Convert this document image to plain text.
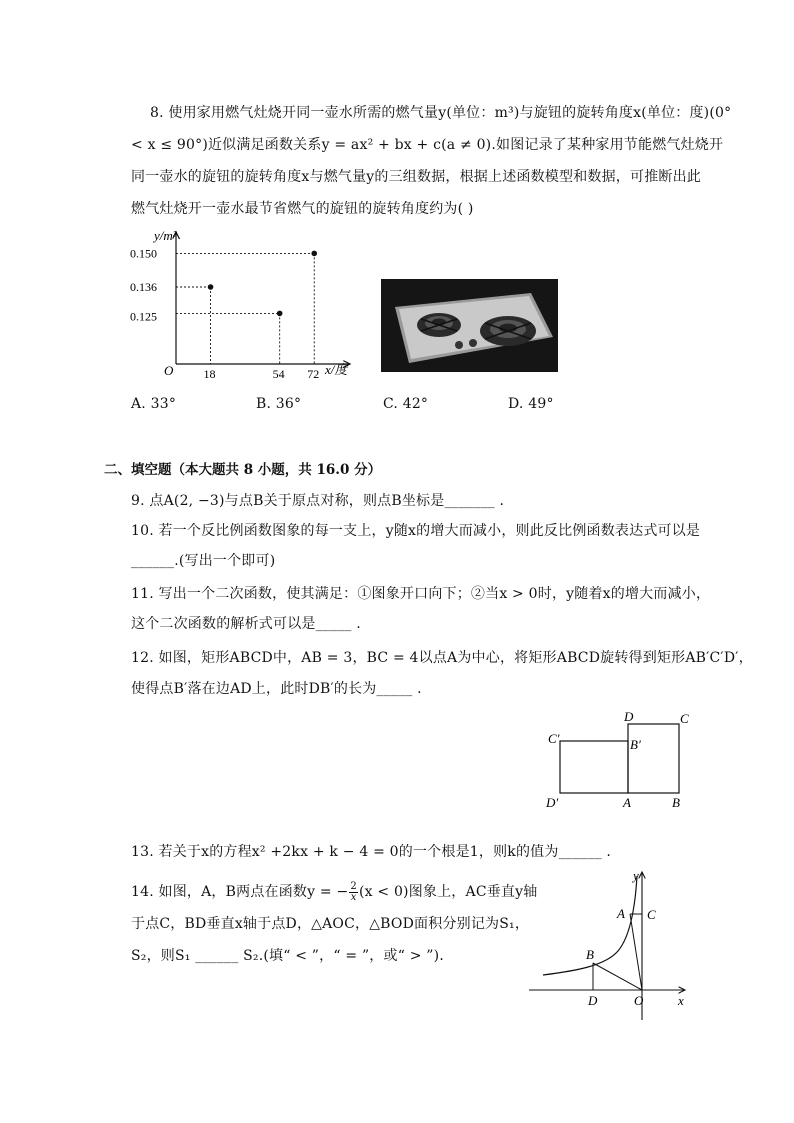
8. 使用家用燃气灶烧开同一壶水所需的燃气量y(单位：m³)与旋钮的旋转角度x(单位：度)(0°
< x ≤ 90°)近似满足函数关系y = ax² + bx + c(a ≠ 0).如图记录了某种家用节能燃气灶烧开
同一壶水的旋钮的旋转角度x与燃气量y的三组数据，根据上述函数模型和数据，可推断出此
燃气灶烧开一壶水最节省燃气的旋钮的旋转角度约为( )
18	54 72
0.150
0.136
0.125
y/m³
x/度
O
A. 33°	B. 36°	C. 42°	D. 49°
二、填空题（本大题共 8 小题，共 16.0 分）
9. 点A(2, −3)与点B关于原点对称，则点B坐标是_______ .
10. 若一个反比例函数图象的每一支上，y随x的增大而减小，则此反比例函数表达式可以是
______.(写出一个即可)
11. 写出一个二次函数，使其满足：①图象开口向下；②当x > 0时，y随着x的增大而减小，
这个二次函数的解析式可以是_____ .
12. 如图，矩形ABCD中，AB = 3，BC = 4以点A为中心，将矩形ABCD旋转得到矩形AB′C′D′，
使得点B′落在边AD上，此时DB′的长为_____ .
D	C
C′	B′
D′	A	B
13. 若关于x的方程x² +2kx + k − 4 = 0的一个根是1，则k的值为______ .
14. 如图，A，B两点在函数y = − $\frac{2}{x} (x < 0)$图象上，AC垂直y轴
于点C，BD垂直x轴于点D，△AOC，△BOD面积分别记为S₁，
S₂，则S₁ ______ S₂.(填“ < ”，“ = ”，或“ > ”)．
y
A C
B
D	O	x
